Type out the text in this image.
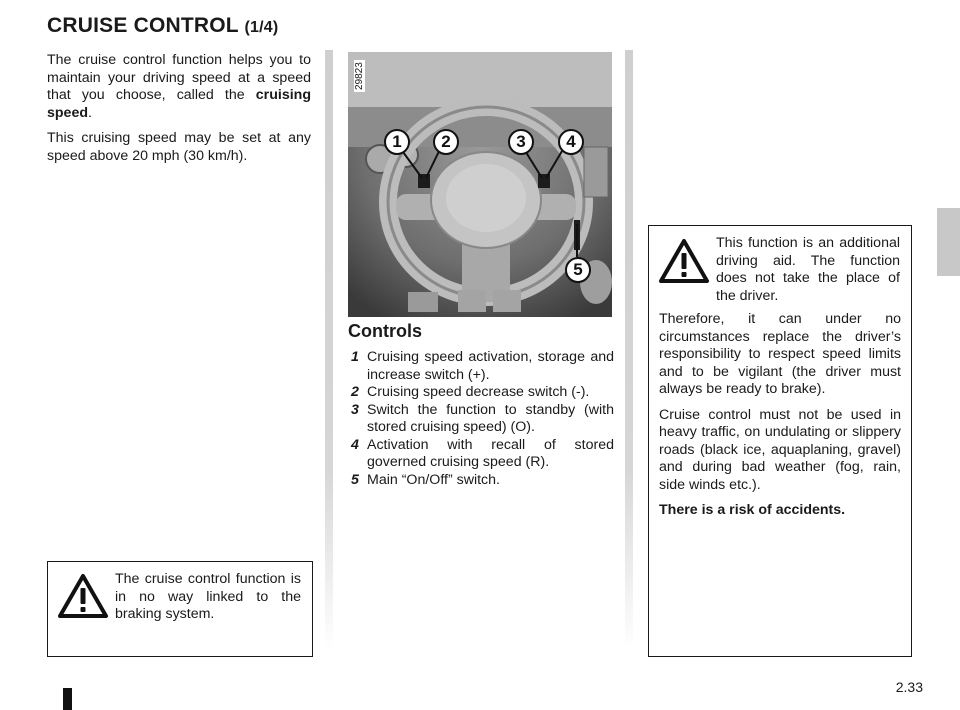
CRUISE CONTROL (1/4)

The cruise control function helps you to maintain your driving speed at a speed that you choose, called the cruising speed.

This cruising speed may be set at any speed above 20 mph (30 km/h).

29823
1	2	3	4
5
Controls
1 Cruising speed activation, storage and increase switch (+).
2 Cruising speed decrease switch (-).
3 Switch the function to standby (with stored cruising speed) (O).
4 Activation with recall of stored governed cruising speed (R).
5 Main “On/Off” switch.

The cruise control function is in no way linked to the braking system.

This function is an additional driving aid. The function does not take the place of the driver.

Therefore, it can under no circumstances replace the driver’s responsibility to respect speed limits and to be vigilant (the driver must always be ready to brake).

Cruise control must not be used in heavy traffic, on undulating or slippery roads (black ice, aquaplaning, gravel) and during bad weather (fog, rain, side winds etc.).

There is a risk of accidents.

2.33
